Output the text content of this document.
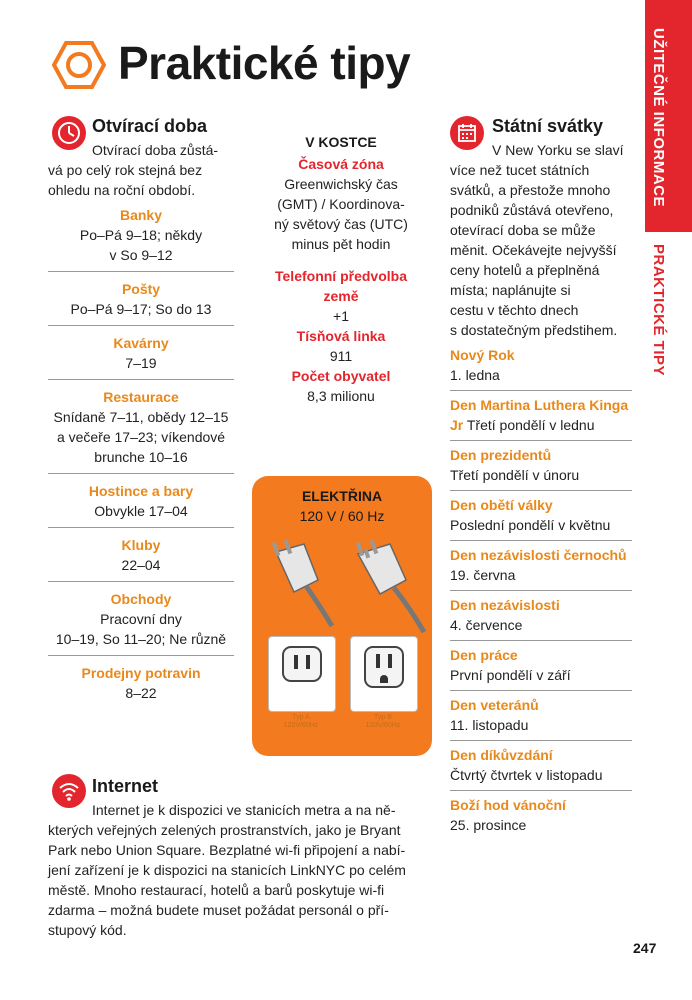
Praktické tipy	UŽITEČNÉ INFORMACE
PRAKTICKÉ TIPY
Otvírací doba
Otvírací doba zůstá-
vá po celý rok stejná bez
ohledu na roční období.
Banky
Po–Pá 9–18; někdy
v So 9–12
Pošty
Po–Pá 9–17; So do 13
Kavárny
7–19
Restaurace
Snídaně 7–11, obědy 12–15
a večeře 17–23; víkendové
brunche 10–16
Hostince a bary
Obvykle 17–04
Kluby
22–04
Obchody
Pracovní dny
10–19, So 11–20; Ne různě
Prodejny potravin
8–22
V KOSTCE
Časová zóna
Greenwichský čas
(GMT) / Koordinova-
ný světový čas (UTC)
minus pět hodin
Telefonní předvolba
země
+1
Tísňová linka
911
Počet obyvatel
8,3 milionu
ELEKTŘINA
120 V / 60 Hz
Typ A
120V/60Hz
Typ B
120V/60Hz
Státní svátky
V New Yorku se slaví
více než tucet státních
svátků, a přestože mnoho
podniků zůstává otevřeno,
otevírací doba se může
měnit. Očekávejte nejvyšší
ceny hotelů a přeplněná
místa; naplánujte si
cestu v těchto dnech
s dostatečným předstihem.
Nový Rok
1. ledna
Den Martina Luthera Kinga
Jr Třetí pondělí v lednu
Den prezidentů
Třetí pondělí v únoru
Den obětí války
Poslední pondělí v květnu
Den nezávislosti černochů
19. června
Den nezávislosti
4. července
Den práce
První pondělí v září
Den veteránů
11. listopadu
Den díkůvzdání
Čtvrtý čtvrtek v listopadu
Boží hod vánoční
25. prosince
Internet
Internet je k dispozici ve stanicích metra a na ně-
kterých veřejných zelených prostranstvích, jako je Bryant
Park nebo Union Square. Bezplatné wi-fi připojení a nabí-
jení zařízení je k dispozici na stanicích LinkNYC po celém
městě. Mnoho restaurací, hotelů a barů poskytuje wi-fi
zdarma – možná budete muset požádat personál o pří-
stupový kód.
247
